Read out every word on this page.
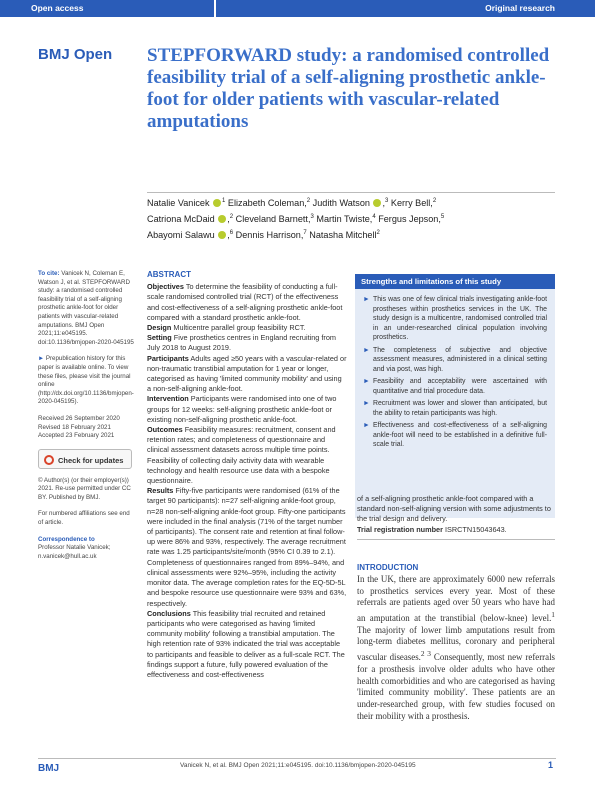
Open access	Original research
BMJ Open STEPFORWARD study: a randomised controlled feasibility trial of a self-aligning prosthetic ankle-foot for older patients with vascular-related amputations
Natalie Vanicek $^1$ Elizabeth Coleman,$^2$ Judith Watson ,$^3$ Kerry Bell,$^2$
Catriona McDaid ,$^2$ Cleveland Barnett,$^3$ Martin Twiste,$^4$ Fergus Jepson,$^5$
Abayomi Salawu ,$^6$ Dennis Harrison,$^7$ Natasha Mitchell$^2$

To cite: Vanicek N, Coleman E, Watson J, et al. STEPFORWARD study: a randomised controlled feasibility trial of a self-aligning prosthetic ankle-foot for older patients with vascular-related amputations. BMJ Open 2021;11:e045195. doi:10.1136/bmjopen-2020-045195

► Prepublication history for this paper is available online. To view these files, please visit the journal online (http://dx.doi.org/10.1136/bmjopen-2020-045195).

Received 26 September 2020
Revised 18 February 2021
Accepted 23 February 2021

Check for updates

© Author(s) (or their employer(s)) 2021. Re-use permitted under CC BY. Published by BMJ.

For numbered affiliations see end of article.

Correspondence to
Professor Natalie Vanicek;
n.vanicek@hull.ac.uk

ABSTRACT

Objectives To determine the feasibility of conducting a full-scale randomised controlled trial (RCT) of the effectiveness and cost-effectiveness of a self-aligning prosthetic ankle-foot compared with a standard prosthetic ankle-foot.

Design Multicentre parallel group feasibility RCT.

Setting Five prosthetics centres in England recruiting from July 2018 to August 2019.

Participants Adults aged ≥50 years with a vascular-related or non-traumatic transtibial amputation for 1 year or longer, categorised as having 'limited community mobility' and using a non-self-aligning ankle-foot.

Intervention Participants were randomised into one of two groups for 12 weeks: self-aligning prosthetic ankle-foot or existing non-self-aligning prosthetic ankle-foot.

Outcomes Feasibility measures: recruitment, consent and retention rates; and completeness of questionnaire and clinical assessment datasets across multiple time points. Feasibility of collecting daily activity data with wearable technology and health resource use data with a bespoke questionnaire.

Results Fifty-five participants were randomised (61% of the target 90 participants): n=27 self-aligning ankle-foot group, n=28 non-self-aligning ankle-foot group. Fifty-one participants were included in the final analysis (71% of the target number of participants). The consent rate and retention at final follow-up were 86% and 93%, respectively. The average recruitment rate was 1.25 participants/site/month (95% CI 0.39 to 2.1). Completeness of questionnaires ranged from 89%–94%, and clinical assessments were 92%–95%, including the activity monitor data. The average completion rates for the EQ-5D-5L and bespoke resource use questionnaire were 93% and 63%, respectively.

Conclusions This feasibility trial recruited and retained participants who were categorised as having 'limited community mobility' following a transtibial amputation. The high retention rate of 93% indicated the trial was acceptable to participants and feasible to deliver as a full-scale RCT. The findings support a future, fully powered evaluation of the effectiveness and cost-effectiveness

Strengths and limitations of this study
► This was one of few clinical trials investigating ankle-foot prostheses within prosthetics services in the UK. The study design is a multicentre, randomised controlled trial in an under-researched clinical population involving prosthetics.
► The completeness of subjective and objective assessment measures, administered in a clinical setting and via post, was high.
► Feasibility and acceptability were ascertained with quantitative and trial procedure data.
► Recruitment was lower and slower than anticipated, but the ability to retain participants was high.
► Effectiveness and cost-effectiveness of a self-aligning ankle-foot will need to be established in a definitive full-scale trial.

of a self-aligning prosthetic ankle-foot compared with a standard non-self-aligning version with some adjustments to the trial design and delivery.

Trial registration number ISRCTN15043643.

INTRODUCTION

In the UK, there are approximately 6000 new referrals to prosthetics services every year. Most of these referrals are patients aged over 50 years who have had an amputation at the transtibial (below-knee) level.$^1$ The majority of lower limb amputations result from long-term diabetes mellitus, coronary and peripheral vascular diseases.$^{2 3}$ Consequently, most new referrals for a prosthesis involve older adults who have other health comorbidities and who are categorised as having 'limited community mobility'. These patients are an under-researched group, with few studies focused on their mobility with a prosthesis.

BMJ	Vanicek N, et al. BMJ Open 2021;11:e045195. doi:10.1136/bmjopen-2020-045195	1
